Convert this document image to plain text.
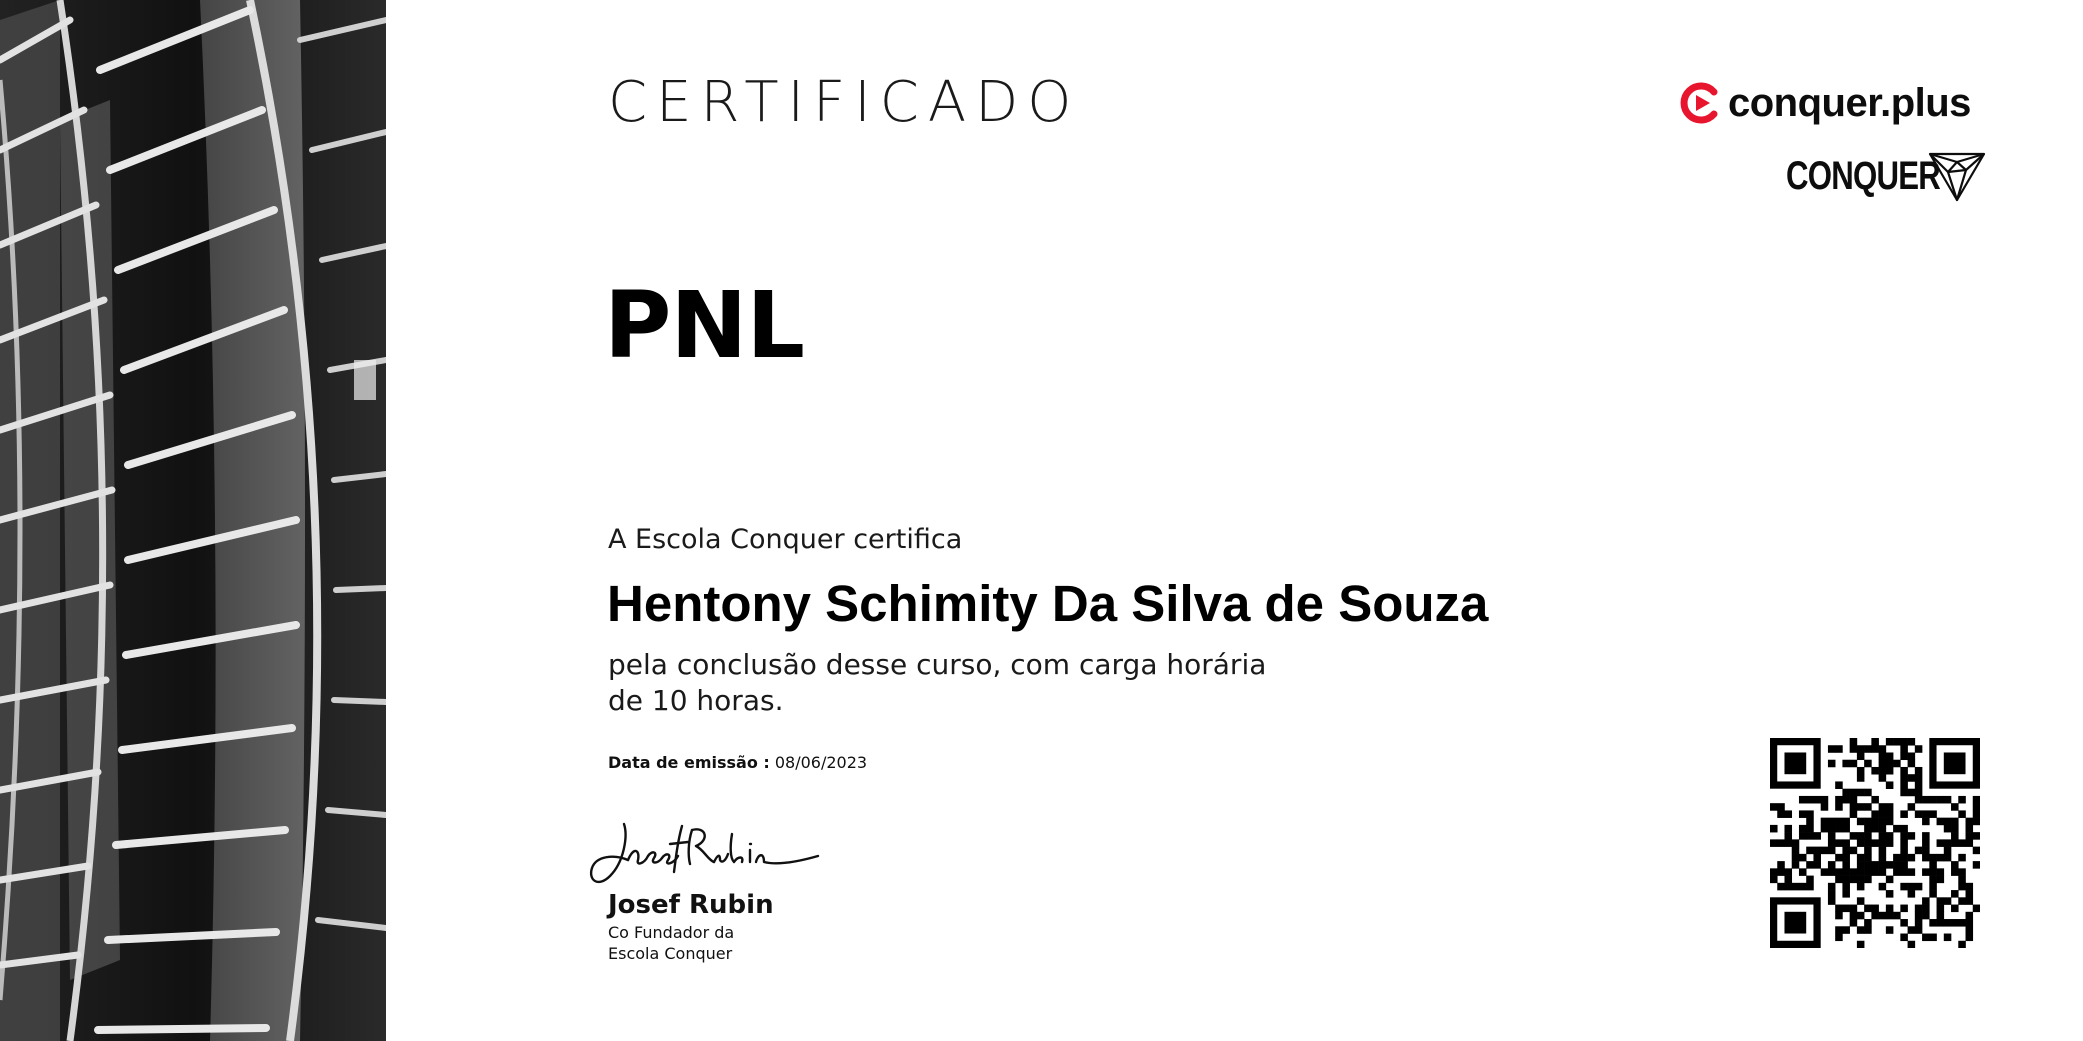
CERTIFICADO
PNL
A Escola Conquer certifica
Hentony Schimity Da Silva de Souza
pela conclusão desse curso, com carga horária
de 10 horas.
Data de emissão : 08/06/2023
Josef Rubin
Co Fundador da
Escola Conquer
conquer.plus
CONQUER
